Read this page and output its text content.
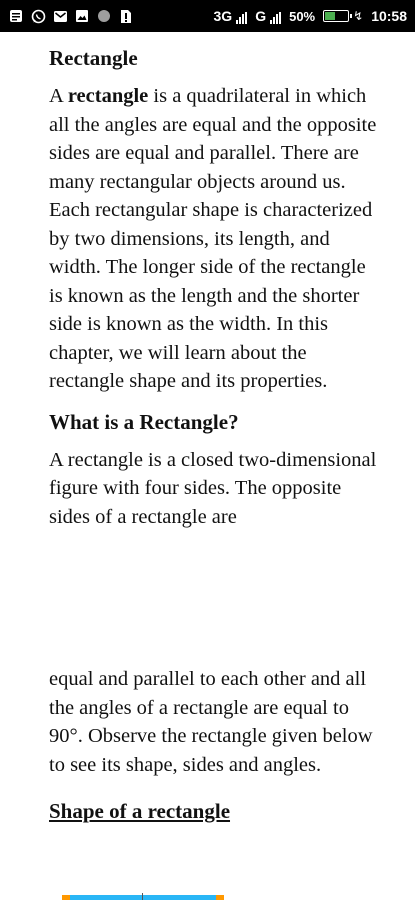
3G G 50%	↯ 10:58
Rectangle

A rectangle is a quadrilateral in which all the angles are equal and the opposite sides are equal and parallel. There are many rectangular objects around us. Each rectangular shape is characterized by two dimensions, its length, and width. The longer side of the rectangle is known as the length and the shorter side is known as the width. In this chapter, we will learn about the rectangle shape and its properties.

What is a Rectangle?

A rectangle is a closed two-dimensional figure with four sides. The opposite sides of a rectangle are

equal and parallel to each other and all the angles of a rectangle are equal to 90°. Observe the rectangle given below to see its shape, sides and angles.

Shape of a rectangle
